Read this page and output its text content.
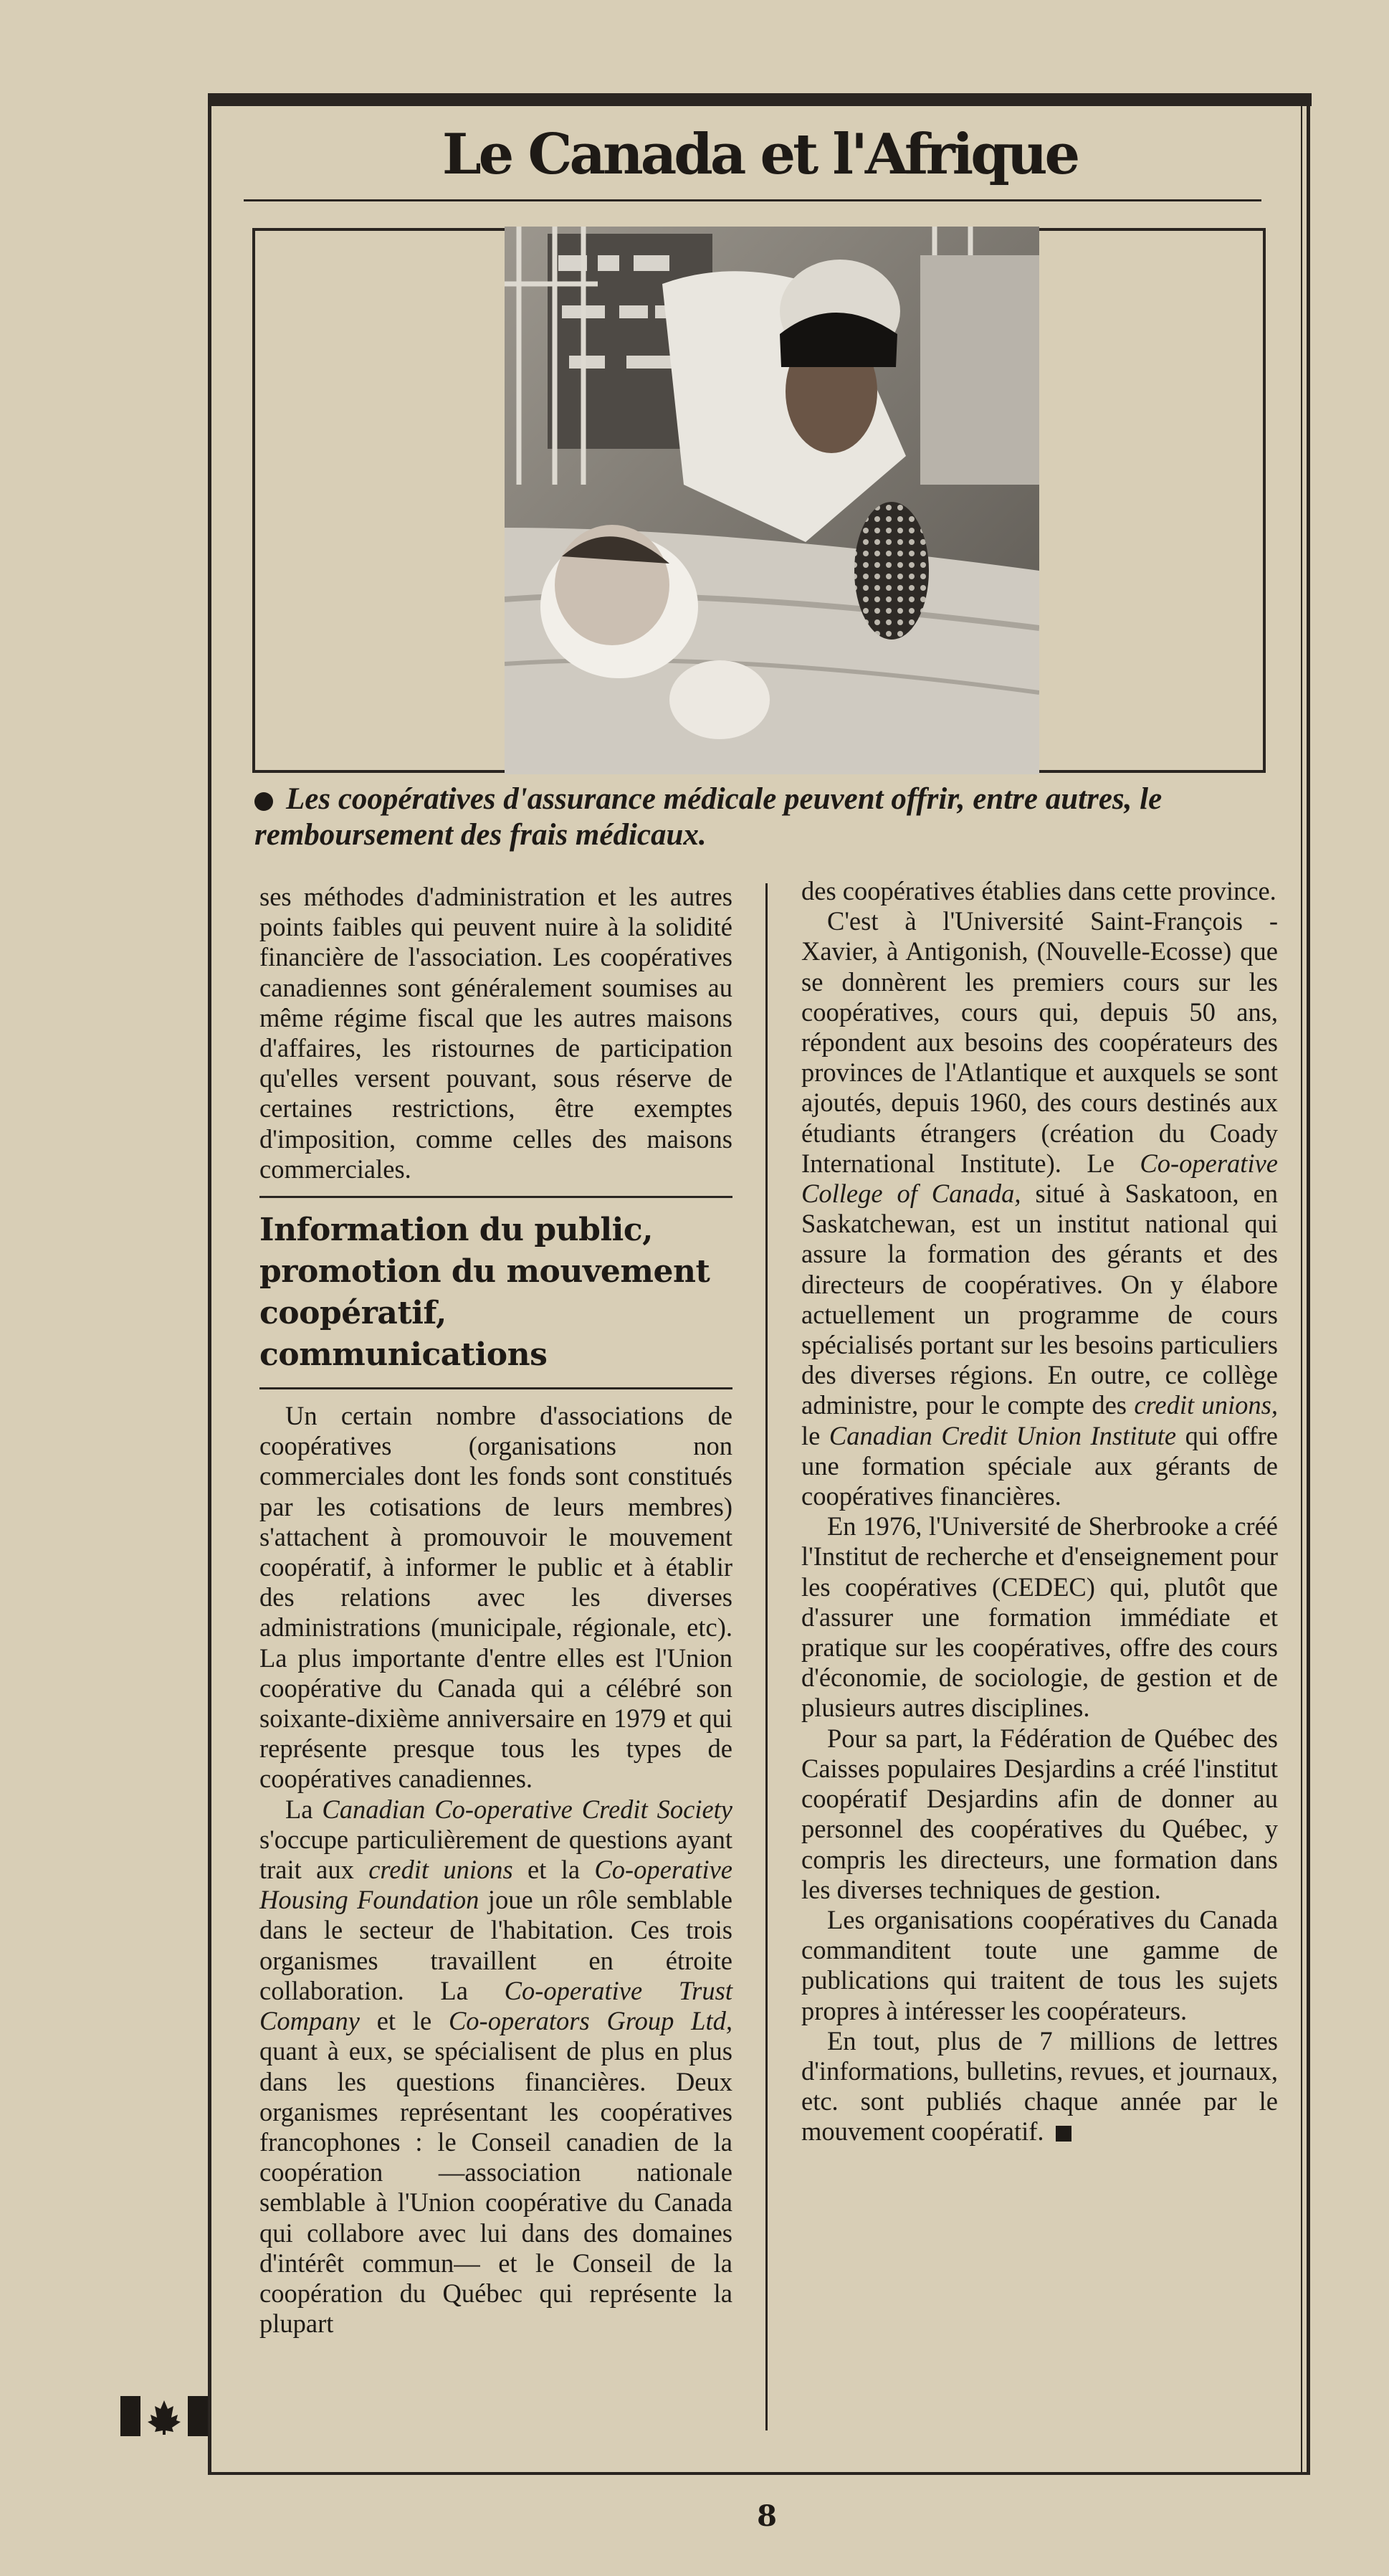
Le Canada et l'Afrique

Les coopératives d'assurance médicale peuvent offrir, entre autres, le remboursement des frais médicaux.

ses méthodes d'administration et les autres points faibles qui peuvent nuire à la solidité financière de l'association. Les coopératives canadiennes sont généralement soumises au même régime fiscal que les autres maisons d'affaires, les ristournes de participation qu'elles versent pouvant, sous réserve de certaines restrictions, être exemptes d'imposition, comme celles des maisons commerciales.

Information du public, promotion du mouvement coopératif, communications

Un certain nombre d'associations de coopératives (organisations non commerciales dont les fonds sont constitués par les cotisations de leurs membres) s'attachent à promouvoir le mouvement coopératif, à informer le public et à établir des relations avec les diverses administrations (municipale, régionale, etc). La plus importante d'entre elles est l'Union coopérative du Canada qui a célébré son soixante-dixième anniversaire en 1979 et qui représente presque tous les types de coopératives canadiennes.

La Canadian Co-operative Credit Society s'occupe particulièrement de questions ayant trait aux credit unions et la Co-operative Housing Foundation joue un rôle semblable dans le secteur de l'habitation. Ces trois organismes travaillent en étroite collaboration. La Co-operative Trust Company et le Co-operators Group Ltd, quant à eux, se spécialisent de plus en plus dans les questions financières. Deux organismes représentant les coopératives francophones : le Conseil canadien de la coopération —association nationale semblable à l'Union coopérative du Canada qui collabore avec lui dans des domaines d'intérêt commun— et le Conseil de la coopération du Québec qui représente la plupart

des coopératives établies dans cette province.

C'est à l'Université Saint-François - Xavier, à Antigonish, (Nouvelle-Ecosse) que se donnèrent les premiers cours sur les coopératives, cours qui, depuis 50 ans, répondent aux besoins des coopérateurs des provinces de l'Atlantique et auxquels se sont ajoutés, depuis 1960, des cours destinés aux étudiants étrangers (création du Coady International Institute). Le Co-operative College of Canada, situé à Saskatoon, en Saskatchewan, est un institut national qui assure la formation des gérants et des directeurs de coopératives. On y élabore actuellement un programme de cours spécialisés portant sur les besoins particuliers des diverses régions. En outre, ce collège administre, pour le compte des credit unions, le Canadian Credit Union Institute qui offre une formation spéciale aux gérants de coopératives financières.

En 1976, l'Université de Sherbrooke a créé l'Institut de recherche et d'enseignement pour les coopératives (CEDEC) qui, plutôt que d'assurer une formation immédiate et pratique sur les coopératives, offre des cours d'économie, de sociologie, de gestion et de plusieurs autres disciplines.

Pour sa part, la Fédération de Québec des Caisses populaires Desjardins a créé l'institut coopératif Desjardins afin de donner au personnel des coopératives du Québec, y compris les directeurs, une formation dans les diverses techniques de gestion.

Les organisations coopératives du Canada commanditent toute une gamme de publications qui traitent de tous les sujets propres à intéresser les coopérateurs.

En tout, plus de 7 millions de lettres d'informations, bulletins, revues, et journaux, etc. sont publiés chaque année par le mouvement coopératif.

8
